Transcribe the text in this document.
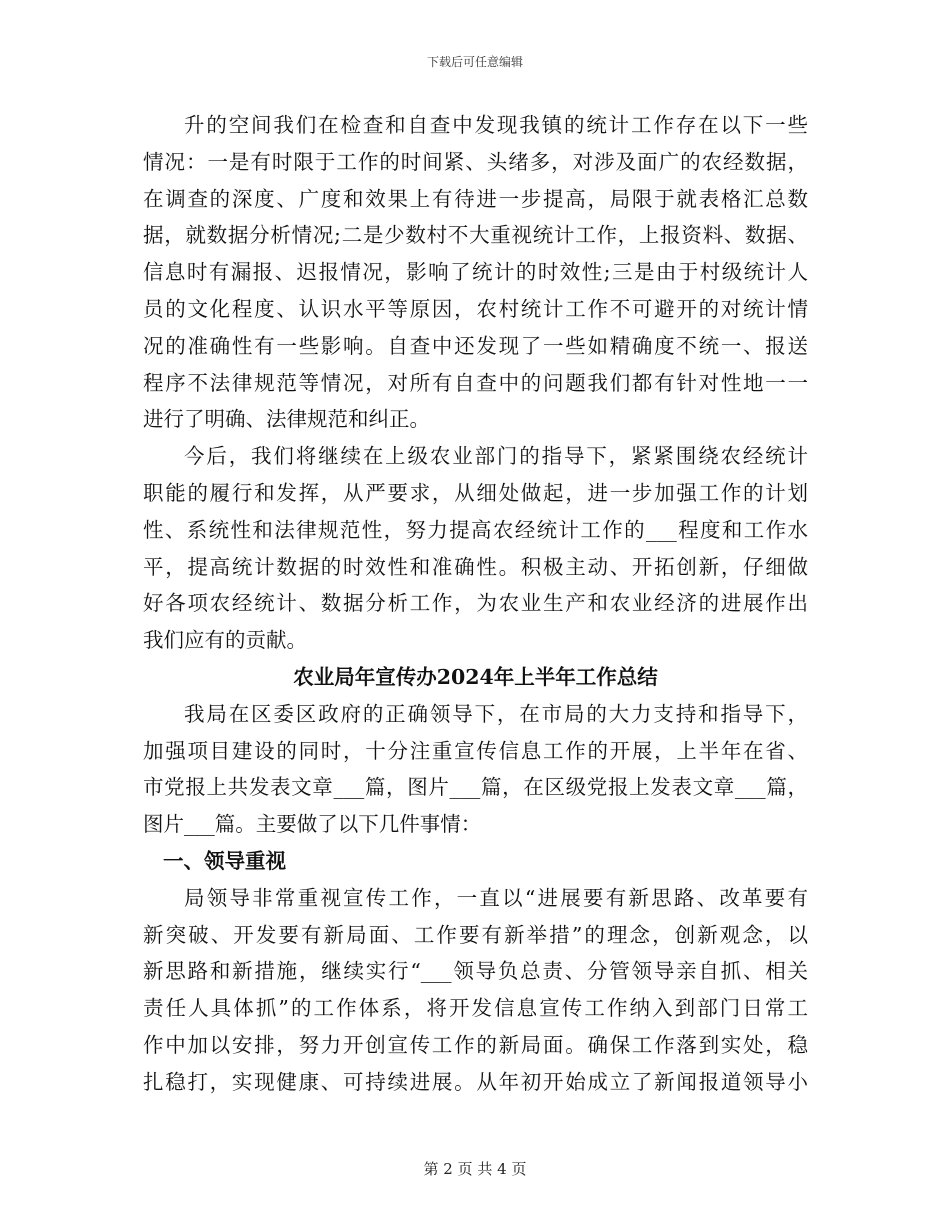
下载后可任意编辑
升的空间我们在检查和自查中发现我镇的统计工作存在以下一些
情况：一是有时限于工作的时间紧、头绪多，对涉及面广的农经数据，
在调查的深度、广度和效果上有待进一步提高，局限于就表格汇总数
据，就数据分析情况;二是少数村不大重视统计工作，上报资料、数据、
信息时有漏报、迟报情况，影响了统计的时效性;三是由于村级统计人
员的文化程度、认识水平等原因，农村统计工作不可避开的对统计情
况的准确性有一些影响。自查中还发现了一些如精确度不统一、报送
程序不法律规范等情况，对所有自查中的问题我们都有针对性地一一
进行了明确、法律规范和纠正。
今后，我们将继续在上级农业部门的指导下，紧紧围绕农经统计
职能的履行和发挥，从严要求，从细处做起，进一步加强工作的计划
性、系统性和法律规范性，努力提高农经统计工作的___程度和工作水
平，提高统计数据的时效性和准确性。积极主动、开拓创新，仔细做
好各项农经统计、数据分析工作，为农业生产和农业经济的进展作出
我们应有的贡献。
农业局年宣传办2024年上半年工作总结
我局在区委区政府的正确领导下，在市局的大力支持和指导下，
加强项目建设的同时，十分注重宣传信息工作的开展，上半年在省、
市党报上共发表文章___篇，图片___篇，在区级党报上发表文章___篇，
图片___篇。主要做了以下几件事情：
一、领导重视
局领导非常重视宣传工作，一直以“进展要有新思路、改革要有
新突破、开发要有新局面、工作要有新举措”的理念，创新观念，以
新思路和新措施，继续实行“___领导负总责、分管领导亲自抓、相关
责任人具体抓”的工作体系，将开发信息宣传工作纳入到部门日常工
作中加以安排，努力开创宣传工作的新局面。确保工作落到实处，稳
扎稳打，实现健康、可持续进展。从年初开始成立了新闻报道领导小
第 2 页 共 4 页
